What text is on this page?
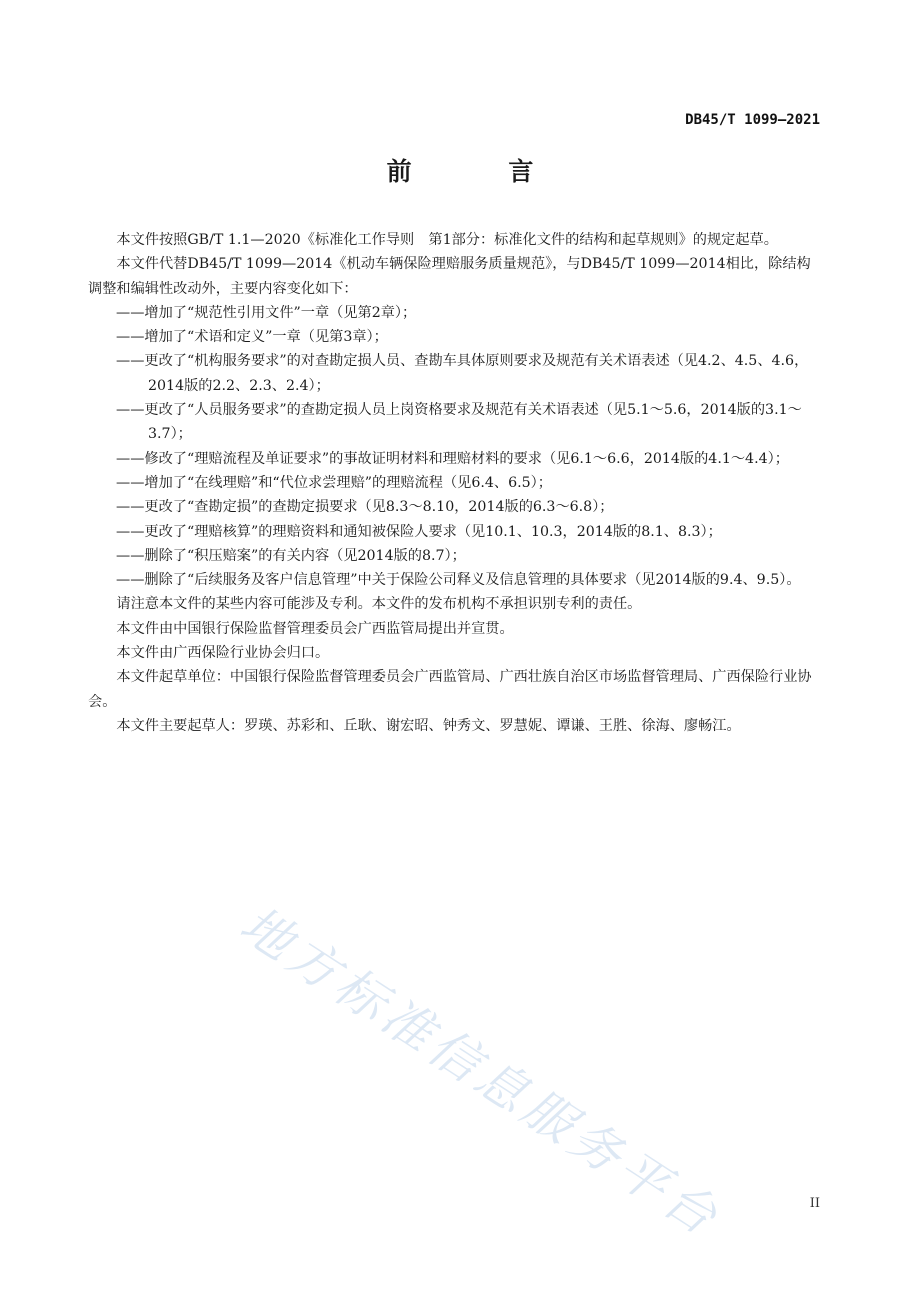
DB45/T 1099—2021
前 言

本文件按照GB/T 1.1—2020《标准化工作导则　第1部分：标准化文件的结构和起草规则》的规定起草。

本文件代替DB45/T 1099—2014《机动车辆保险理赔服务质量规范》，与DB45/T 1099—2014相比，除结构调整和编辑性改动外，主要内容变化如下：

——增加了“规范性引用文件”一章（见第2章）；

——增加了“术语和定义”一章（见第3章）；

——更改了“机构服务要求”的对查勘定损人员、查勘车具体原则要求及规范有关术语表述（见4.2、4.5、4.6，2014版的2.2、2.3、2.4）；

——更改了“人员服务要求”的查勘定损人员上岗资格要求及规范有关术语表述（见5.1～5.6，2014版的3.1～3.7）；

——修改了“理赔流程及单证要求”的事故证明材料和理赔材料的要求（见6.1～6.6，2014版的4.1～4.4）；

——增加了“在线理赔”和“代位求尝理赔”的理赔流程（见6.4、6.5）；

——更改了“查勘定损”的查勘定损要求（见8.3～8.10，2014版的6.3～6.8）；

——更改了“理赔核算”的理赔资料和通知被保险人要求（见10.1、10.3，2014版的8.1、8.3）；

——删除了“积压赔案”的有关内容（见2014版的8.7）；

——删除了“后续服务及客户信息管理”中关于保险公司释义及信息管理的具体要求（见2014版的9.4、9.5）。

请注意本文件的某些内容可能涉及专利。本文件的发布机构不承担识别专利的责任。

本文件由中国银行保险监督管理委员会广西监管局提出并宣贯。

本文件由广西保险行业协会归口。

本文件起草单位：中国银行保险监督管理委员会广西监管局、广西壮族自治区市场监督管理局、广西保险行业协会。

本文件主要起草人：罗瑛、苏彩和、丘耿、谢宏昭、钟秀文、罗慧妮、谭谦、王胜、徐海、廖畅江。

地方标准信息服务平台	II
